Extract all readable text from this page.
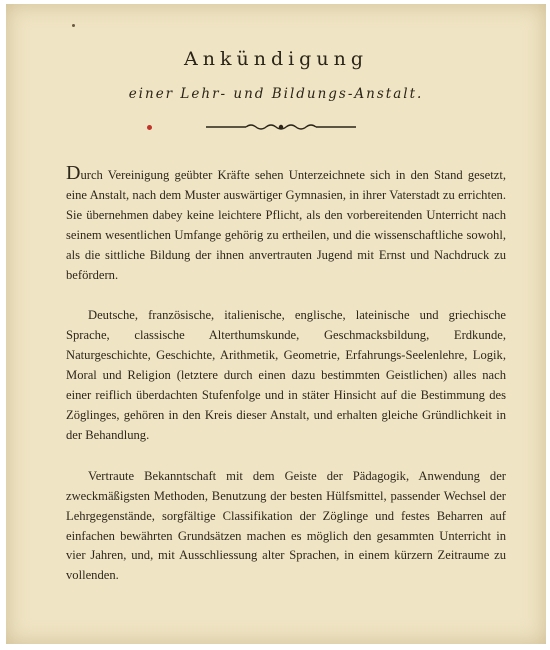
Ankündigung
einer Lehr- und Bildungs-Anstalt.

Durch Vereinigung geübter Kräfte sehen Unterzeichnete sich in den Stand gesetzt, eine Anstalt, nach dem Muster auswärtiger Gymnasien, in ihrer Vaterstadt zu errichten. Sie übernehmen dabey keine leichtere Pflicht, als den vorbereitenden Unterricht nach seinem wesentlichen Umfange gehörig zu ertheilen, und die wissenschaftliche sowohl, als die sittliche Bildung der ihnen anvertrauten Jugend mit Ernst und Nachdruck zu befördern.

Deutsche, französische, italienische, englische, lateinische und griechische Sprache, classische Alterthumskunde, Geschmacksbildung, Erdkunde, Naturgeschichte, Geschichte, Arithmetik, Geometrie, Erfahrungs-Seelenlehre, Logik, Moral und Religion (letztere durch einen dazu bestimmten Geistlichen) alles nach einer reiflich überdachten Stufenfolge und in stäter Hinsicht auf die Bestimmung des Zöglinges, gehören in den Kreis dieser Anstalt, und erhalten gleiche Gründlichkeit in der Behandlung.

Vertraute Bekanntschaft mit dem Geiste der Pädagogik, Anwendung der zweckmäßigsten Methoden, Benutzung der besten Hülfsmittel, passender Wechsel der Lehrgegenstände, sorgfältige Classifikation der Zöglinge und festes Beharren auf einfachen bewährten Grundsätzen machen es möglich den gesammten Unterricht in vier Jahren, und, mit Ausschliessung alter Sprachen, in einem kürzern Zeitraume zu vollenden.
